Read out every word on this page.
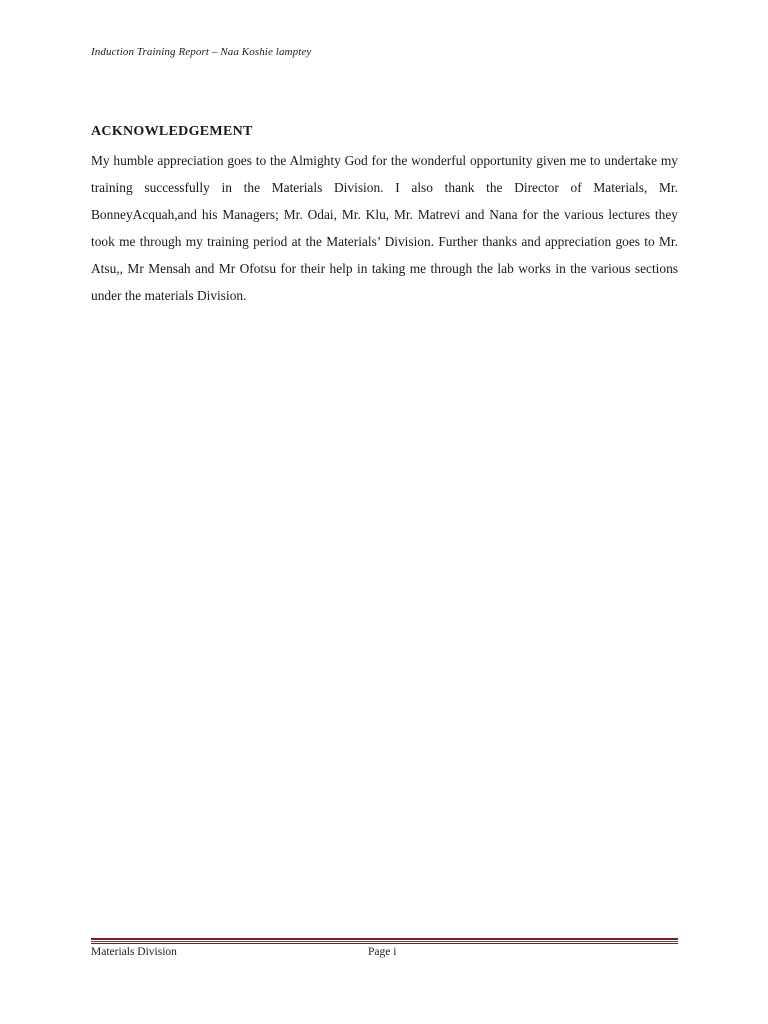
Induction Training Report – Naa Koshie lamptey
ACKNOWLEDGEMENT
My humble appreciation goes to the Almighty God for the wonderful opportunity given me to undertake my training successfully in the Materials Division. I also thank the Director of Materials, Mr. BonneyAcquah,and his Managers; Mr. Odai, Mr. Klu, Mr. Matrevi and Nana for the various lectures they took me through my training period at the Materials’ Division. Further thanks and appreciation goes to Mr. Atsu,, Mr Mensah and Mr Ofotsu for their help in taking me through the lab works in the various sections under the materials Division.
Materials Division	Page i
